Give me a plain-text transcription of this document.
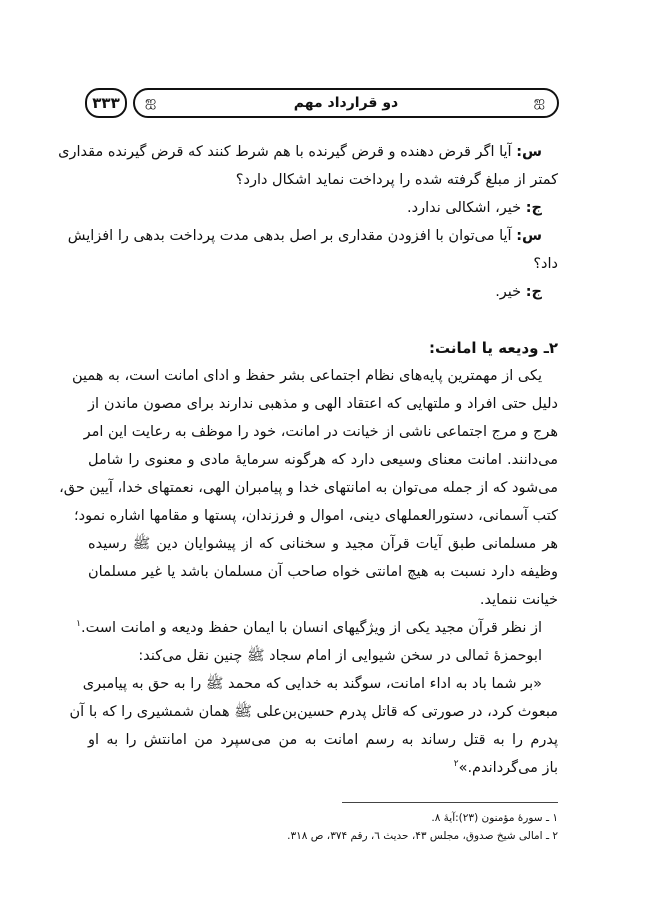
۳۳۳	ஐ	دو قرارداد مهم	ஐ
س: آیا اگر قرض دهنده و قرض گیرنده با هم شرط کنند که قرض گیرنده مقداری
کمتر از مبلغ گرفته شده را پرداخت نماید اشکال دارد؟
ج: خیر، اشکالی ندارد.
س: آیا می‌توان با افزودن مقداری بر اصل بدهی مدت پرداخت بدهی را افزایش
داد؟
ج: خیر.
۲ـ ودیعه یا امانت:
یکی از مهمترین پایه‌های نظام اجتماعی بشر حفظ و ادای امانت است، به همین
دلیل حتی افراد و ملتهایی که اعتقاد الهی و مذهبی ندارند برای مصون ماندن از
هرج و مرج اجتماعی ناشی از خیانت در امانت، خود را موظف به رعایت این امر
می‌دانند. امانت معنای وسیعی دارد که هرگونه سرمایهٔ مادی و معنوی را شامل
می‌شود که از جمله می‌توان به امانتهای خدا و پیامبران الهی، نعمتهای خدا، آیین حق،
کتب آسمانی، دستورالعملهای دینی، اموال و فرزندان، پستها و مقامها اشاره نمود؛
هر مسلمانی طبق آیات قرآن مجید و سخنانی که از پیشوایان دین ﷺ رسیده
وظیفه دارد نسبت به هیچ امانتی خواه صاحب آن مسلمان باشد یا غیر مسلمان
خیانت ننماید.
از نظر قرآن مجید یکی از ویژگیهای انسان با ایمان حفظ ودیعه و امانت است.$^۱$
ابوحمزهٔ ثمالی در سخن شیوایی از امام سجاد ﷺ چنین نقل می‌کند:
«بر شما باد به اداء امانت، سوگند به خدایی که محمد ﷺ را به حق به پیامبری
مبعوث کرد، در صورتی که قاتل پدرم حسین‌بن‌علی ﷺ همان شمشیری را که با آن
پدرم را به قتل رساند به رسم امانت به من می‌سپرد من امانتش را به او
باز می‌گرداندم.»$^۲$
۱ ـ سورهٔ مؤمنون (۲۳):آیهٔ ۸.
۲ ـ امالی شیخ صدوق، مجلس ۴۳، حدیث ٦، رقم ۳۷۴، ص ۳۱۸.
